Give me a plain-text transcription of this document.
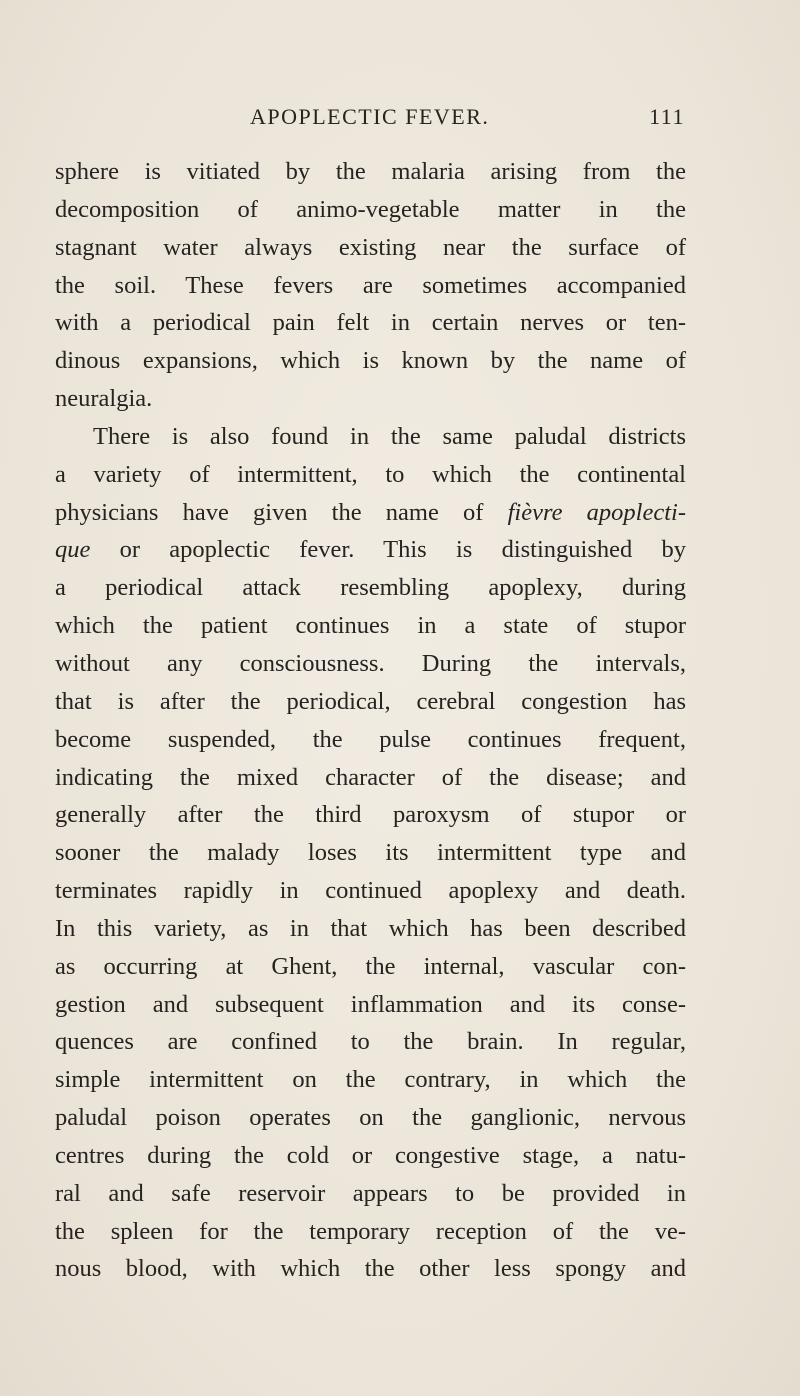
APOPLECTIC FEVER.	111
sphere is vitiated by the malaria arising from the
decomposition of animo-vegetable matter in the
stagnant water always existing near the surface of
the soil. These fevers are sometimes accompanied
with a periodical pain felt in certain nerves or ten-
dinous expansions, which is known by the name of
neuralgia.
There is also found in the same paludal districts
a variety of intermittent, to which the continental
physicians have given the name of fièvre apoplecti-
que or apoplectic fever. This is distinguished by
a periodical attack resembling apoplexy, during
which the patient continues in a state of stupor
without any consciousness. During the intervals,
that is after the periodical, cerebral congestion has
become suspended, the pulse continues frequent,
indicating the mixed character of the disease; and
generally after the third paroxysm of stupor or
sooner the malady loses its intermittent type and
terminates rapidly in continued apoplexy and death.
In this variety, as in that which has been described
as occurring at Ghent, the internal, vascular con-
gestion and subsequent inflammation and its conse-
quences are confined to the brain. In regular,
simple intermittent on the contrary, in which the
paludal poison operates on the ganglionic, nervous
centres during the cold or congestive stage, a natu-
ral and safe reservoir appears to be provided in
the spleen for the temporary reception of the ve-
nous blood, with which the other less spongy and
